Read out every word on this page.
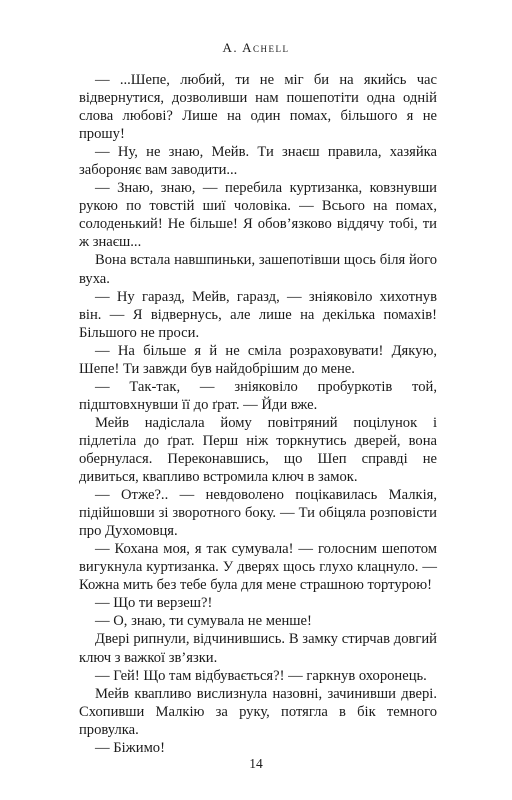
A. Achell

— ...Шепе, любий, ти не міг би на якийсь час відвернутися, дозволивши нам пошепотіти одна одній слова любові? Лише на один помах, більшого я не прошу!

— Ну, не знаю, Мейв. Ти знаєш правила, хазяйка забороняє вам заводити...

— Знаю, знаю, — перебила куртизанка, ковзнувши рукою по товстій шиї чоловіка. — Всього на помах, солоденький! Не більше! Я обов’язково віддячу тобі, ти ж знаєш...

Вона встала навшпиньки, зашепотівши щось біля його вуха.

— Ну гаразд, Мейв, гаразд, — зніяковіло хихотнув він. — Я відвернусь, але лише на декілька помахів! Більшого не проси.

— На більше я й не сміла розраховувати! Дякую, Шепе! Ти завжди був найдобрішим до мене.

— Так-так, — зніяковіло пробуркотів той, підштовхнувши її до ґрат. — Йди вже.

Мейв надіслала йому повітряний поцілунок і підлетіла до ґрат. Перш ніж торкнутись дверей, вона обернулася. Переконавшись, що Шеп справді не дивиться, квапливо встромила ключ в замок.

— Отже?.. — невдоволено поцікавилась Малкія, підійшовши зі зворотного боку. — Ти обіцяла розповісти про Духомовця.

— Кохана моя, я так сумувала! — голосним шепотом вигукнула куртизанка. У дверях щось глухо клацнуло. — Кожна мить без тебе була для мене страшною тортурою!

— Що ти верзеш?!

— О, знаю, ти сумувала не менше!

Двері рипнули, відчинившись. В замку стирчав довгий ключ з важкої зв’язки.

— Гей! Що там відбувається?! — гаркнув охоронець.

Мейв квапливо вислизнула назовні, зачинивши двері. Схопивши Малкію за руку, потягла в бік темного провулка.

— Біжимо!

14
